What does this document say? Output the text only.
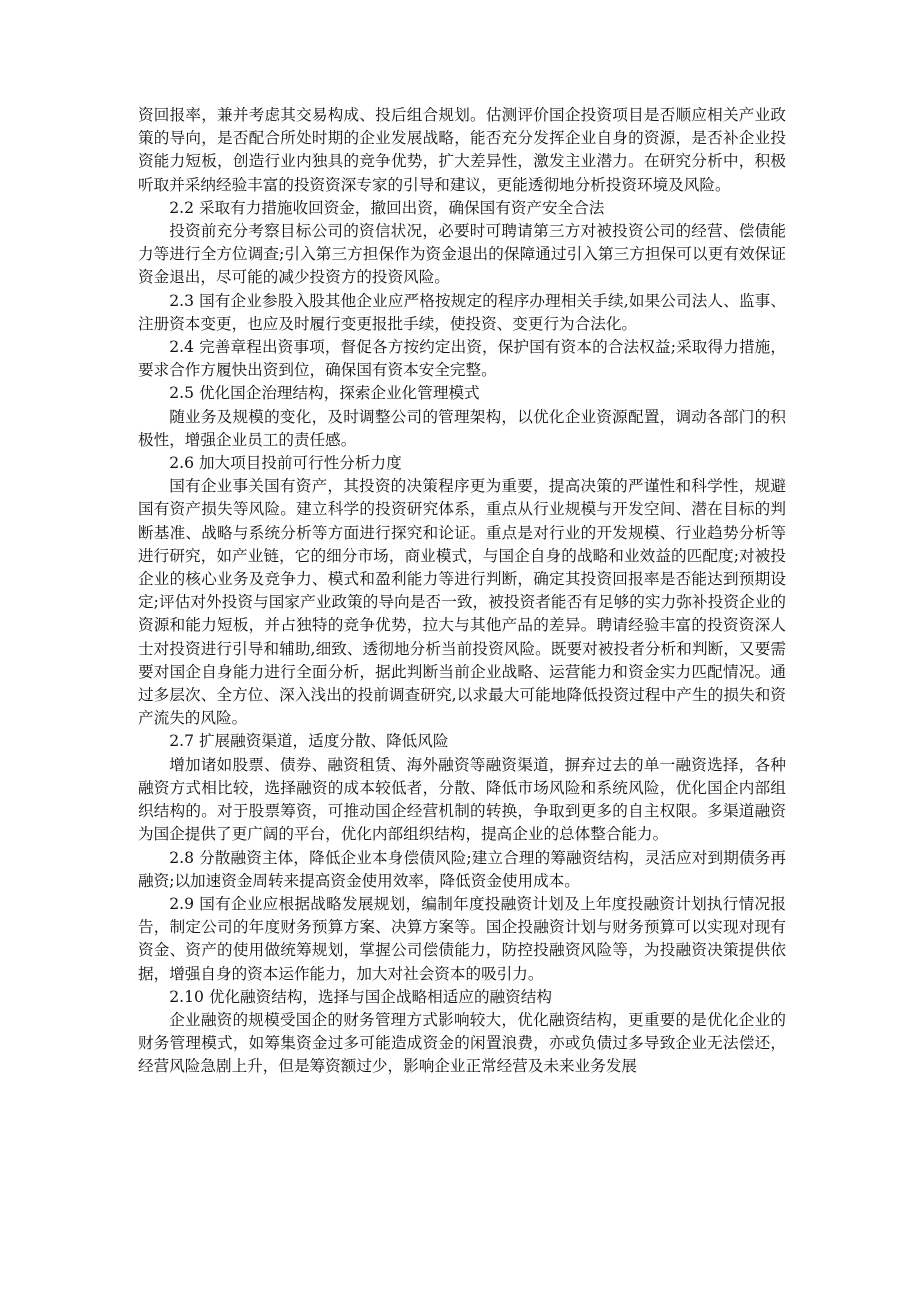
资回报率，兼并考虑其交易构成、投后组合规划。估测评价国企投资项目是否顺应相关产业政策的导向，是否配合所处时期的企业发展战略，能否充分发挥企业自身的资源，是否补企业投资能力短板，创造行业内独具的竞争优势，扩大差异性，激发主业潜力。在研究分析中，积极听取并采纳经验丰富的投资资深专家的引导和建议，更能透彻地分析投资环境及风险。

2.2 采取有力措施收回资金，撤回出资，确保国有资产安全合法

投资前充分考察目标公司的资信状况，必要时可聘请第三方对被投资公司的经营、偿债能力等进行全方位调查;引入第三方担保作为资金退出的保障通过引入第三方担保可以更有效保证资金退出，尽可能的减少投资方的投资风险。

2.3 国有企业参股入股其他企业应严格按规定的程序办理相关手续,如果公司法人、监事、注册资本变更，也应及时履行变更报批手续，使投资、变更行为合法化。

2.4 完善章程出资事项，督促各方按约定出资，保护国有资本的合法权益;采取得力措施，要求合作方履快出资到位，确保国有资本安全完整。

2.5 优化国企治理结构，探索企业化管理模式

随业务及规模的变化，及时调整公司的管理架构，以优化企业资源配置，调动各部门的积极性，增强企业员工的责任感。

2.6 加大项目投前可行性分析力度

国有企业事关国有资产，其投资的决策程序更为重要，提高决策的严谨性和科学性，规避国有资产损失等风险。建立科学的投资研究体系，重点从行业规模与开发空间、潜在目标的判断基准、战略与系统分析等方面进行探究和论证。重点是对行业的开发规模、行业趋势分析等进行研究，如产业链，它的细分市场，商业模式，与国企自身的战略和业效益的匹配度;对被投企业的核心业务及竞争力、模式和盈利能力等进行判断，确定其投资回报率是否能达到预期设定;评估对外投资与国家产业政策的导向是否一致，被投资者能否有足够的实力弥补投资企业的资源和能力短板，并占独特的竞争优势，拉大与其他产品的差异。聘请经验丰富的投资资深人士对投资进行引导和辅助,细致、透彻地分析当前投资风险。既要对被投者分析和判断，又要需要对国企自身能力进行全面分析，据此判断当前企业战略、运营能力和资金实力匹配情况。通过多层次、全方位、深入浅出的投前调查研究,以求最大可能地降低投资过程中产生的损失和资产流失的风险。

2.7 扩展融资渠道，适度分散、降低风险

增加诸如股票、债券、融资租赁、海外融资等融资渠道，摒弃过去的单一融资选择，各种融资方式相比较，选择融资的成本较低者，分散、降低市场风险和系统风险，优化国企内部组织结构的。对于股票筹资，可推动国企经营机制的转换，争取到更多的自主权限。多渠道融资为国企提供了更广阔的平台，优化内部组织结构，提高企业的总体整合能力。

2.8 分散融资主体，降低企业本身偿债风险;建立合理的筹融资结构，灵活应对到期债务再融资;以加速资金周转来提高资金使用效率，降低资金使用成本。

2.9 国有企业应根据战略发展规划，编制年度投融资计划及上年度投融资计划执行情况报告，制定公司的年度财务预算方案、决算方案等。国企投融资计划与财务预算可以实现对现有资金、资产的使用做统筹规划，掌握公司偿债能力，防控投融资风险等，为投融资决策提供依据，增强自身的资本运作能力，加大对社会资本的吸引力。

2.10 优化融资结构，选择与国企战略相适应的融资结构

企业融资的规模受国企的财务管理方式影响较大，优化融资结构，更重要的是优化企业的财务管理模式，如筹集资金过多可能造成资金的闲置浪费，亦或负债过多导致企业无法偿还，经营风险急剧上升，但是筹资额过少，影响企业正常经营及未来业务发展
